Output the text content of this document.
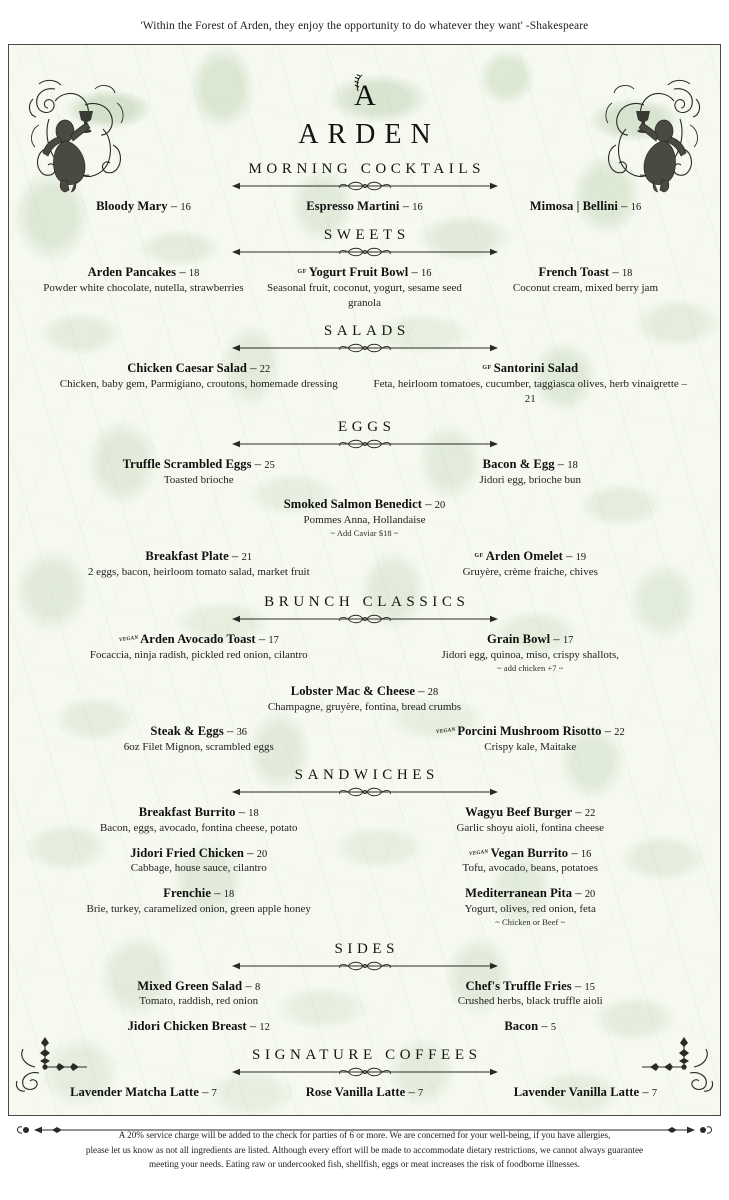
'Within the Forest of Arden, they enjoy the opportunity to do whatever they want' -Shakespeare
A
ARDEN
MORNING COCKTAILS
Bloody Mary – 16	Espresso Martini – 16	Mimosa | Bellini – 16
SWEETS
Arden Pancakes – 18
Powder white chocolate, nutella, strawberries
GF Yogurt Fruit Bowl – 16
Seasonal fruit, coconut, yogurt, sesame seed granola
French Toast – 18
Coconut cream, mixed berry jam
SALADS
Chicken Caesar Salad – 22
Chicken, baby gem, Parmigiano, croutons, homemade dressing
GF Santorini Salad
Feta, heirloom tomatoes, cucumber, taggiasca olives, herb vinaigrette – 21
EGGS
Truffle Scrambled Eggs – 25
Toasted brioche
Bacon & Egg – 18
Jidori egg, brioche bun
Smoked Salmon Benedict – 20
Pommes Anna, Hollandaise
~ Add Caviar $18 ~
Breakfast Plate – 21
2 eggs, bacon, heirloom tomato salad, market fruit
GF Arden Omelet – 19
Gruyère, crème fraiche, chives
BRUNCH CLASSICS
VEGAN Arden Avocado Toast – 17
Focaccia, ninja radish, pickled red onion, cilantro
Grain Bowl – 17
Jidori egg, quinoa, miso, crispy shallots,
~ add chicken +7 ~
Lobster Mac & Cheese – 28
Champagne, gruyère, fontina, bread crumbs
Steak & Eggs – 36
6oz Filet Mignon, scrambled eggs
VEGAN Porcini Mushroom Risotto – 22
Crispy kale, Maitake
SANDWICHES
Breakfast Burrito – 18
Bacon, eggs, avocado, fontina cheese, potato
Wagyu Beef Burger – 22
Garlic shoyu aioli, fontina cheese
Jidori Fried Chicken – 20
Cabbage, house sauce, cilantro
VEGAN Vegan Burrito – 16
Tofu, avocado, beans, potatoes
Frenchie – 18
Brie, turkey, caramelized onion, green apple honey
Mediterranean Pita – 20
Yogurt, olives, red onion, feta
~ Chicken or Beef ~
SIDES
Mixed Green Salad – 8
Tomato, raddish, red onion
Chef's Truffle Fries – 15
Crushed herbs, black truffle aioli
Jidori Chicken Breast – 12	Bacon – 5
SIGNATURE COFFEES
Lavender Matcha Latte – 7	Rose Vanilla Latte – 7	Lavender Vanilla Latte – 7
A 20% service charge will be added to the check for parties of 6 or more. We are concerned for your well-being, if you have allergies,
please let us know as not all ingredients are listed. Although every effort will be made to accommodate dietary restrictions, we cannot always guarantee
meeting your needs. Eating raw or undercooked fish, shellfish, eggs or meat increases the risk of foodborne illnesses.
